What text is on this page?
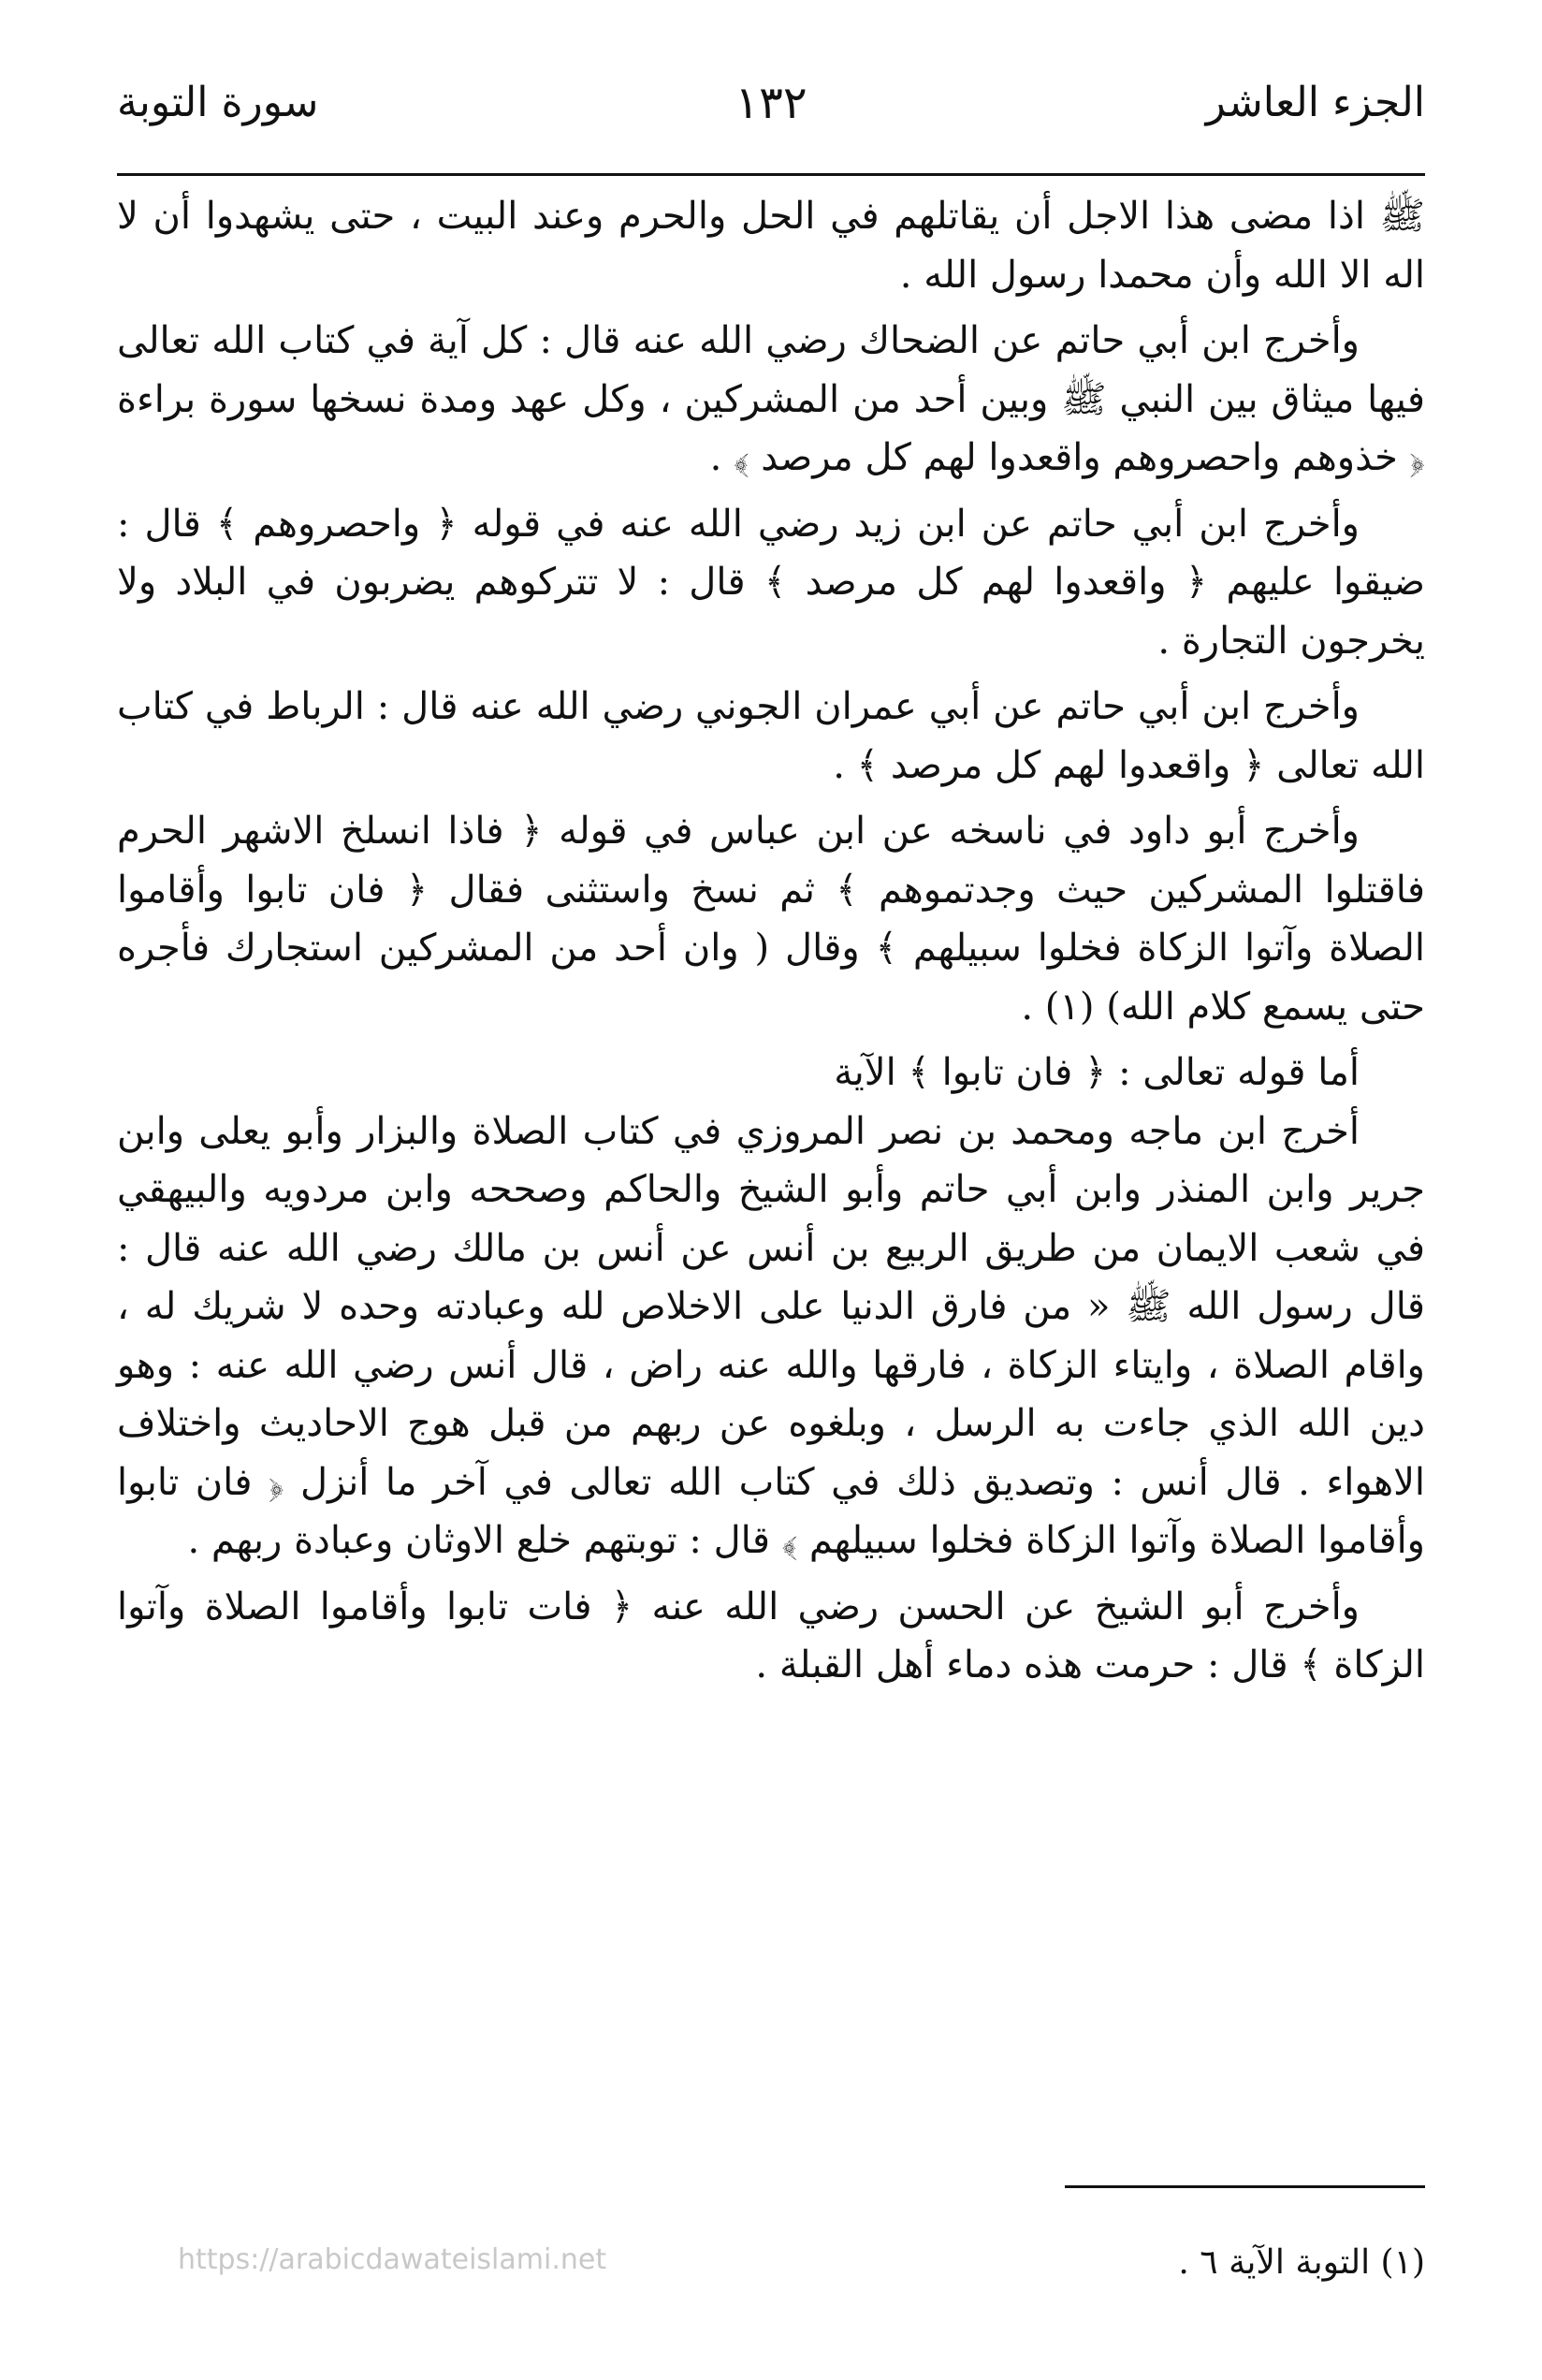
الجزء العاشر
١٣٢
سورة التوبة

ﷺ اذا مضى هذا الاجل أن يقاتلهم في الحل والحرم وعند البيت ، حتى يشهدوا أن لا اله الا الله وأن محمدا رسول الله .

وأخرج ابن أبي حاتم عن الضحاك رضي الله عنه قال : كل آية في كتاب الله تعالى فيها ميثاق بين النبي ﷺ وبين أحد من المشركين ، وكل عهد ومدة نسخها سورة براءة ﴿ خذوهم واحصروهم واقعدوا لهم كل مرصد ﴾ .

وأخرج ابن أبي حاتم عن ابن زيد رضي الله عنه في قوله ﴿ واحصروهم ﴾ قال : ضيقوا عليهم ﴿ واقعدوا لهم كل مرصد ﴾ قال : لا تتركوهم يضربون في البلاد ولا يخرجون التجارة .

وأخرج ابن أبي حاتم عن أبي عمران الجوني رضي الله عنه قال : الرباط في كتاب الله تعالى ﴿ واقعدوا لهم كل مرصد ﴾ .

وأخرج أبو داود في ناسخه عن ابن عباس في قوله ﴿ فاذا انسلخ الاشهر الحرم فاقتلوا المشركين حيث وجدتموهم ﴾ ثم نسخ واستثنى فقال ﴿ فان تابوا وأقاموا الصلاة وآتوا الزكاة فخلوا سبيلهم ﴾ وقال ( وان أحد من المشركين استجارك فأجره حتى يسمع كلام الله) (١) .

أما قوله تعالى : ﴿ فان تابوا ﴾ الآية

أخرج ابن ماجه ومحمد بن نصر المروزي في كتاب الصلاة والبزار وأبو يعلى وابن جرير وابن المنذر وابن أبي حاتم وأبو الشيخ والحاكم وصححه وابن مردويه والبيهقي في شعب الايمان من طريق الربيع بن أنس عن أنس بن مالك رضي الله عنه قال : قال رسول الله ﷺ « من فارق الدنيا على الاخلاص لله وعبادته وحده لا شريك له ، واقام الصلاة ، وايتاء الزكاة ، فارقها والله عنه راض ، قال أنس رضي الله عنه : وهو دين الله الذي جاءت به الرسل ، وبلغوه عن ربهم من قبل هوج الاحاديث واختلاف الاهواء . قال أنس : وتصديق ذلك في كتاب الله تعالى في آخر ما أنزل ﴿ فان تابوا وأقاموا الصلاة وآتوا الزكاة فخلوا سبيلهم ﴾ قال : توبتهم خلع الاوثان وعبادة ربهم .

وأخرج أبو الشيخ عن الحسن رضي الله عنه ﴿ فات تابوا وأقاموا الصلاة وآتوا الزكاة ﴾ قال : حرمت هذه دماء أهل القبلة .

(١) التوبة الآية ٦ .
https://arabicdawateislami.net
